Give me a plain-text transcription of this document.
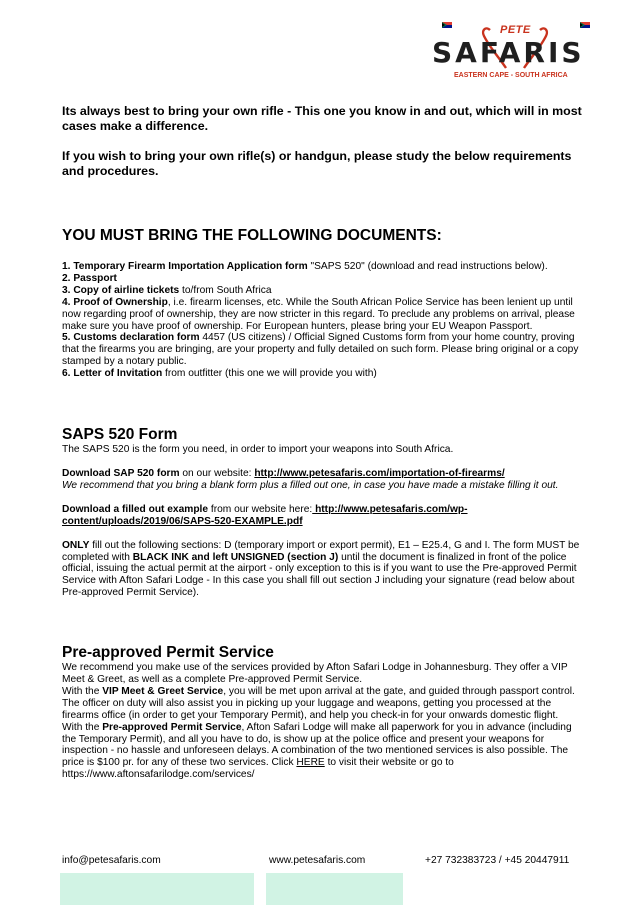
PETE
SAFARIS
EASTERN CAPE - SOUTH AFRICA

Its always best to bring your own rifle - This one you know in and out, which will in most cases make a difference.

If you wish to bring your own rifle(s) or handgun, please study the below requirements and procedures.

YOU MUST BRING THE FOLLOWING DOCUMENTS:

1. Temporary Firearm Importation Application form "SAPS 520" (download and read instructions below).

2. Passport

3. Copy of airline tickets to/from South Africa

4. Proof of Ownership, i.e. firearm licenses, etc. While the South African Police Service has been lenient up until now regarding proof of ownership, they are now stricter in this regard. To preclude any problems on arrival, please make sure you have proof of ownership. For European hunters, please bring your EU Weapon Passport.

5. Customs declaration form 4457 (US citizens) / Official Signed Customs form from your home country, proving that the firearms you are bringing, are your property and fully detailed on such form. Please bring original or a copy stamped by a notary public.

6. Letter of Invitation from outfitter (this one we will provide you with)

SAPS 520 Form

The SAPS 520 is the form you need, in order to import your weapons into South Africa.

Download SAP 520 form on our website: http://www.petesafaris.com/importation-of-firearms/

We recommend that you bring a blank form plus a filled out one, in case you have made a mistake filling it out.

Download a filled out example from our website here: http://www.petesafaris.com/wp-content/uploads/2019/06/SAPS-520-EXAMPLE.pdf

ONLY fill out the following sections: D (temporary import or export permit), E1 – E25.4, G and I. The form MUST be completed with BLACK INK and left UNSIGNED (section J) until the document is finalized in front of the police official, issuing the actual permit at the airport - only exception to this is if you want to use the Pre-approved Permit Service with Afton Safari Lodge - In this case you shall fill out section J including your signature (read below about Pre-approved Permit Service).

Pre-approved Permit Service

We recommend you make use of the services provided by Afton Safari Lodge in Johannesburg. They offer a VIP Meet & Greet, as well as a complete Pre-approved Permit Service.

With the VIP Meet & Greet Service, you will be met upon arrival at the gate, and guided through passport control. The officer on duty will also assist you in picking up your luggage and weapons, getting you processed at the firearms office (in order to get your Temporary Permit), and help you check-in for your onwards domestic flight.

With the Pre-approved Permit Service, Afton Safari Lodge will make all paperwork for you in advance (including the Temporary Permit), and all you have to do, is show up at the police office and present your weapons for inspection - no hassle and unforeseen delays. A combination of the two mentioned services is also possible. The price is $100 pr. for any of these two services. Click HERE to visit their website or go to https://www.aftonsafarilodge.com/services/

info@petesafaris.com	www.petesafaris.com	+27 732383723 / +45 20447911
